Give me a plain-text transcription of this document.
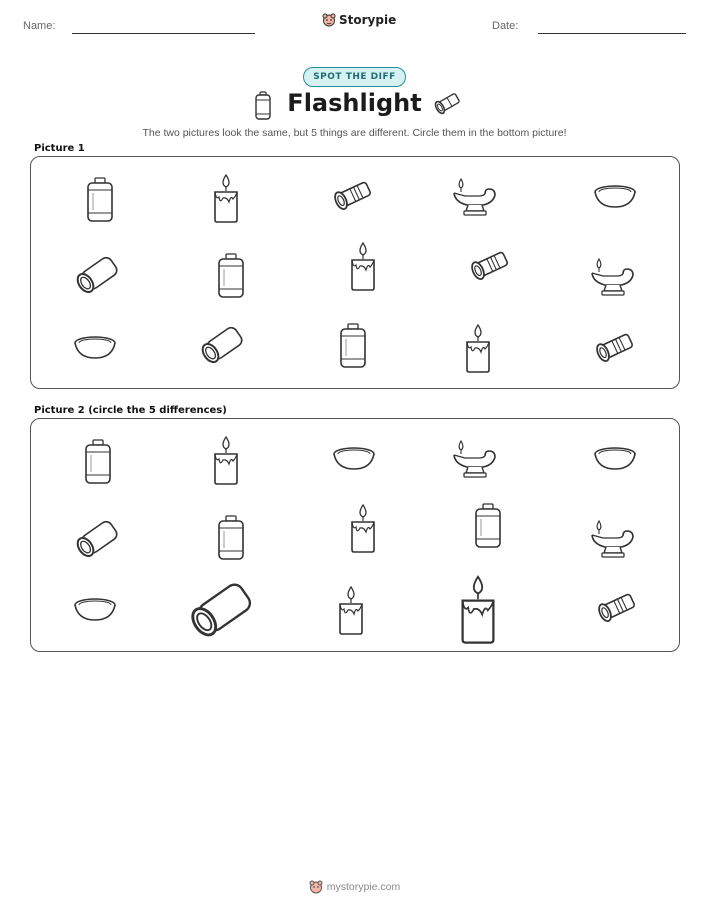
Name:	Storypie	Date:
SPOT THE DIFF
Flashlight
The two pictures look the same, but 5 things are different. Circle them in the bottom picture!
Picture 1
Picture 2 (circle the 5 differences)
mystorypie.com
